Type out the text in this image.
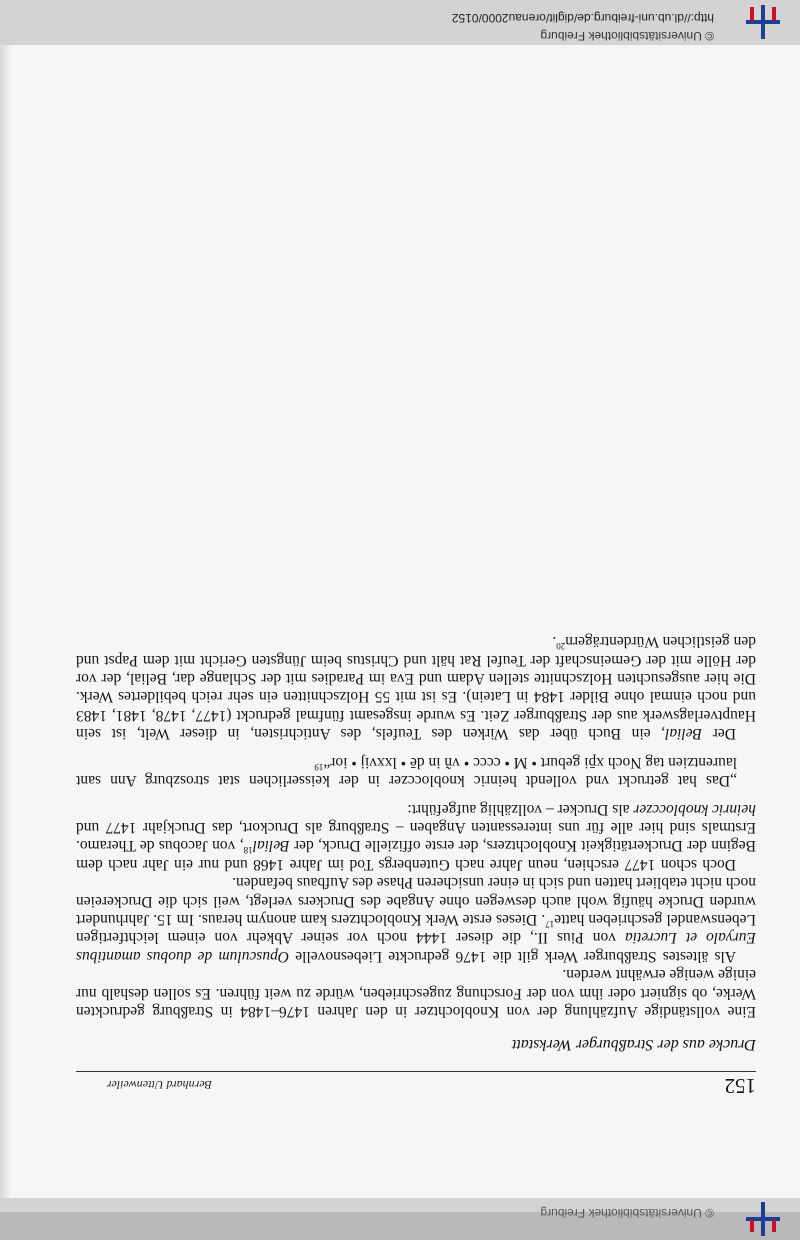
© Universitätsbibliothek Freiburg
152
Bernhard Uttenweiler
Drucke aus der Straßburger Werkstatt

Eine vollständige Aufzählung der von Knoblochtzer in den Jahren 1476–1484 in Straßburg gedruckten Werke, ob signiert oder ihm von der Forschung zugeschrieben, würde zu weit führen. Es sollen deshalb nur einige wenige erwähnt werden.

Als ältestes Straßburger Werk gilt die 1476 gedruckte Liebesnovelle Opusculum de duobus amantibus Euryalo et Lucretia von Pius II., die dieser 1444 noch vor seiner Abkehr von einem leichtfertigen Lebenswandel geschrieben hatte$^{17}$. Dieses erste Werk Knoblochtzers kam anonym heraus. Im 15. Jahrhundert wurden Drucke häufig wohl auch deswegen ohne Angabe des Druckers verlegt, weil sich die Druckereien noch nicht etabliert hatten und sich in einer unsicheren Phase des Aufbaus befanden.

Doch schon 1477 erschien, neun Jahre nach Gutenbergs Tod im Jahre 1468 und nur ein Jahr nach dem Beginn der Druckertätigkeit Knoblochtzers, der erste offizielle Druck, der Belial$^{18}$, von Jacobus de Theramo. Erstmals sind hier alle für uns interessanten Angaben – Straßburg als Druckort, das Druckjahr 1477 und heinric knoblocczer als Drucker – vollzählig aufgeführt:

„Das hat getruckt vnd vollendt heinric knoblocczer in der keisserlichen stat stroszburg Ann sant laurentzien tag Noch xp̄i geburt • M • cccc • vñ in dē • lxxvij • ior“$^{19}$

Der Belial, ein Buch über das Wirken des Teufels, des Antichristen, in dieser Welt, ist sein Hauptverlagswerk aus der Straßburger Zeit. Es wurde insgesamt fünfmal gedruckt (1477, 1478, 1481, 1483 und noch einmal ohne Bilder 1484 in Latein). Es ist mit 55 Holzschnitten ein sehr reich bebildertes Werk. Die hier ausgesuchten Holzschnitte stellen Adam und Eva im Paradies mit der Schlange dar, Belial, der vor der Hölle mit der Gemeinschaft der Teufel Rat hält und Christus beim Jüngsten Gericht mit dem Papst und den geistlichen Würdenträgern$^{20}$.

© Universitätsbibliothek Freiburg
http://dl.ub.uni-freiburg.de/diglit/orenau2000/0152
